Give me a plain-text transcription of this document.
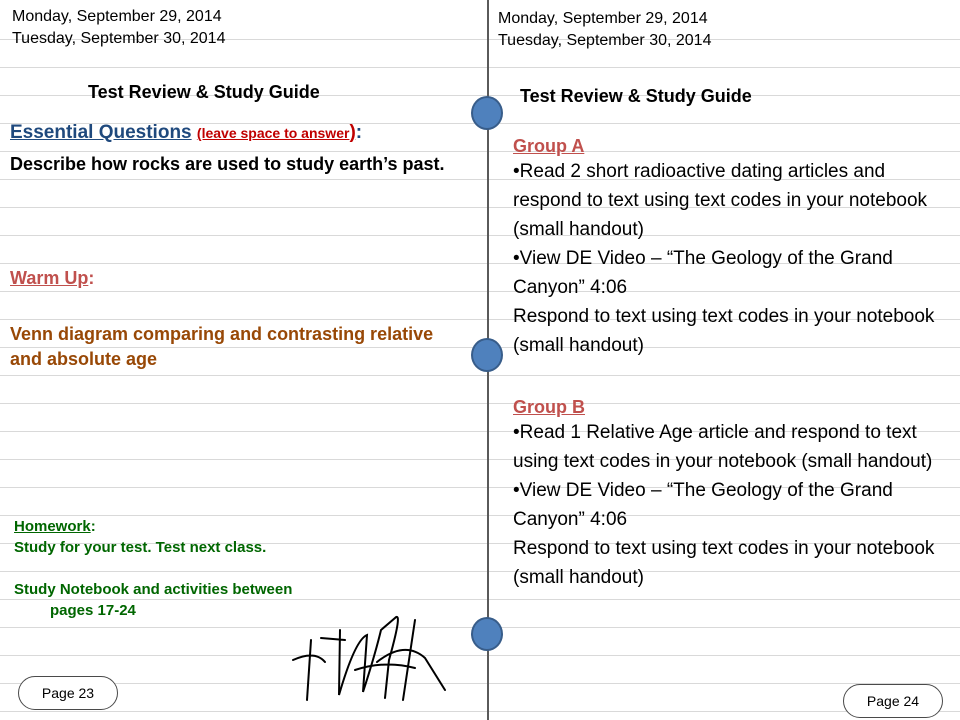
Monday, September 29, 2014
Tuesday, September 30, 2014
Test Review & Study Guide
Essential Questions (leave space to answer):
Describe how rocks are used to study earth’s past.
Warm Up:
Venn diagram comparing and contrasting relative and absolute age
Homework:
Study for your test. Test next class.
Study Notebook and activities between
pages 17-24
Page 23
Monday, September 29, 2014
Tuesday, September 30, 2014
Test Review & Study Guide
Group A
•Read 2 short radioactive dating articles and respond to text using text codes in your notebook (small handout)
•View DE Video – “The Geology of the Grand Canyon” 4:06
Respond to text using text codes in your notebook (small handout)
Group B
•Read 1 Relative Age article and respond to text using text codes in your notebook (small handout)
•View DE Video – “The Geology of the Grand Canyon” 4:06
Respond to text using text codes in your notebook (small handout)
Page 24
